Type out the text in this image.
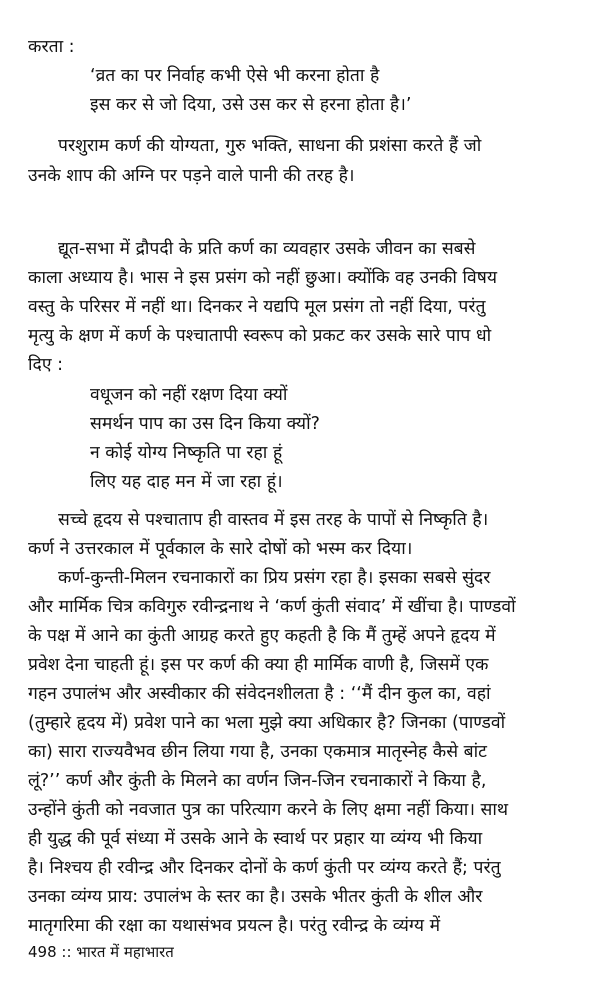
करता :
‘व्रत का पर निर्वाह कभी ऐसे भी करना होता है
इस कर से जो दिया, उसे उस कर से हरना होता है।’
परशुराम कर्ण की योग्यता, गुरु भक्ति, साधना की प्रशंसा करते हैं जो
उनके शाप की अग्नि पर पड़ने वाले पानी की तरह है।
द्यूत-सभा में द्रौपदी के प्रति कर्ण का व्यवहार उसके जीवन का सबसे
काला अध्याय है। भास ने इस प्रसंग को नहीं छुआ। क्योंकि वह उनकी विषय
वस्तु के परिसर में नहीं था। दिनकर ने यद्यपि मूल प्रसंग तो नहीं दिया, परंतु
मृत्यु के क्षण में कर्ण के पश्चातापी स्वरूप को प्रकट कर उसके सारे पाप धो
दिए :
वधूजन को नहीं रक्षण दिया क्यों
समर्थन पाप का उस दिन किया क्यों?
न कोई योग्य निष्कृति पा रहा हूं
लिए यह दाह मन में जा रहा हूं।
सच्चे हृदय से पश्चाताप ही वास्तव में इस तरह के पापों से निष्कृति है।
कर्ण ने उत्तरकाल में पूर्वकाल के सारे दोषों को भस्म कर दिया।
कर्ण-कुन्ती-मिलन रचनाकारों का प्रिय प्रसंग रहा है। इसका सबसे सुंदर
और मार्मिक चित्र कविगुरु रवीन्द्रनाथ ने ‘कर्ण कुंती संवाद’ में खींचा है। पाण्डवों
के पक्ष में आने का कुंती आग्रह करते हुए कहती है कि मैं तुम्हें अपने हृदय में
प्रवेश देना चाहती हूं। इस पर कर्ण की क्या ही मार्मिक वाणी है, जिसमें एक
गहन उपालंभ और अस्वीकार की संवेदनशीलता है : ‘‘मैं दीन कुल का, वहां
(तुम्हारे हृदय में) प्रवेश पाने का भला मुझे क्या अधिकार है? जिनका (पाण्डवों
का) सारा राज्यवैभव छीन लिया गया है, उनका एकमात्र मातृस्नेह कैसे बांट
लूं?’’ कर्ण और कुंती के मिलने का वर्णन जिन-जिन रचनाकारों ने किया है,
उन्होंने कुंती को नवजात पुत्र का परित्याग करने के लिए क्षमा नहीं किया। साथ
ही युद्ध की पूर्व संध्या में उसके आने के स्वार्थ पर प्रहार या व्यंग्य भी किया
है। निश्चय ही रवीन्द्र और दिनकर दोनों के कर्ण कुंती पर व्यंग्य करते हैं; परंतु
उनका व्यंग्य प्राय: उपालंभ के स्तर का है। उसके भीतर कुंती के शील और
मातृगरिमा की रक्षा का यथासंभव प्रयत्न है। परंतु रवीन्द्र के व्यंग्य में
498 :: भारत में महाभारत
